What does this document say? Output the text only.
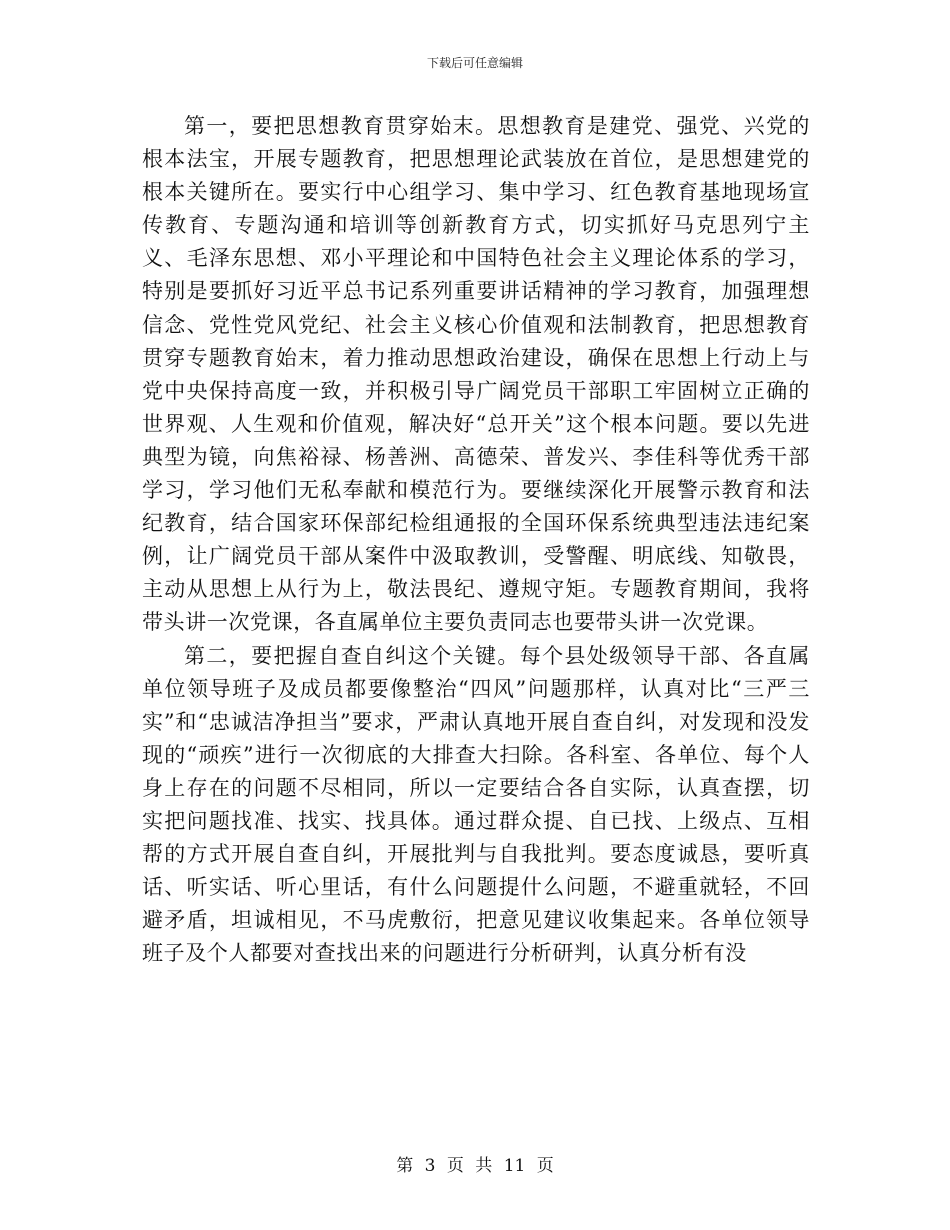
下载后可任意编辑

第一，要把思想教育贯穿始末。思想教育是建党、强党、兴党的根本法宝，开展专题教育，把思想理论武装放在首位，是思想建党的根本关键所在。要实行中心组学习、集中学习、红色教育基地现场宣传教育、专题沟通和培训等创新教育方式，切实抓好马克思列宁主义、毛泽东思想、邓小平理论和中国特色社会主义理论体系的学习，特别是要抓好习近平总书记系列重要讲话精神的学习教育，加强理想信念、党性党风党纪、社会主义核心价值观和法制教育，把思想教育贯穿专题教育始末，着力推动思想政治建设，确保在思想上行动上与党中央保持高度一致，并积极引导广阔党员干部职工牢固树立正确的世界观、人生观和价值观，解决好“总开关”这个根本问题。要以先进典型为镜，向焦裕禄、杨善洲、高德荣、普发兴、李佳科等优秀干部学习，学习他们无私奉献和模范行为。要继续深化开展警示教育和法纪教育，结合国家环保部纪检组通报的全国环保系统典型违法违纪案例，让广阔党员干部从案件中汲取教训，受警醒、明底线、知敬畏，主动从思想上从行为上，敬法畏纪、遵规守矩。专题教育期间，我将带头讲一次党课，各直属单位主要负责同志也要带头讲一次党课。

第二，要把握自查自纠这个关键。每个县处级领导干部、各直属单位领导班子及成员都要像整治“四风”问题那样，认真对比“三严三实”和“忠诚洁净担当”要求，严肃认真地开展自查自纠，对发现和没发现的“顽疾”进行一次彻底的大排查大扫除。各科室、各单位、每个人身上存在的问题不尽相同，所以一定要结合各自实际，认真查摆，切实把问题找准、找实、找具体。通过群众提、自已找、上级点、互相帮的方式开展自查自纠，开展批判与自我批判。要态度诚恳，要听真话、听实话、听心里话，有什么问题提什么问题，不避重就轻，不回避矛盾，坦诚相见，不马虎敷衍，把意见建议收集起来。各单位领导班子及个人都要对查找出来的问题进行分析研判，认真分析有没

第 3 页 共 11 页
